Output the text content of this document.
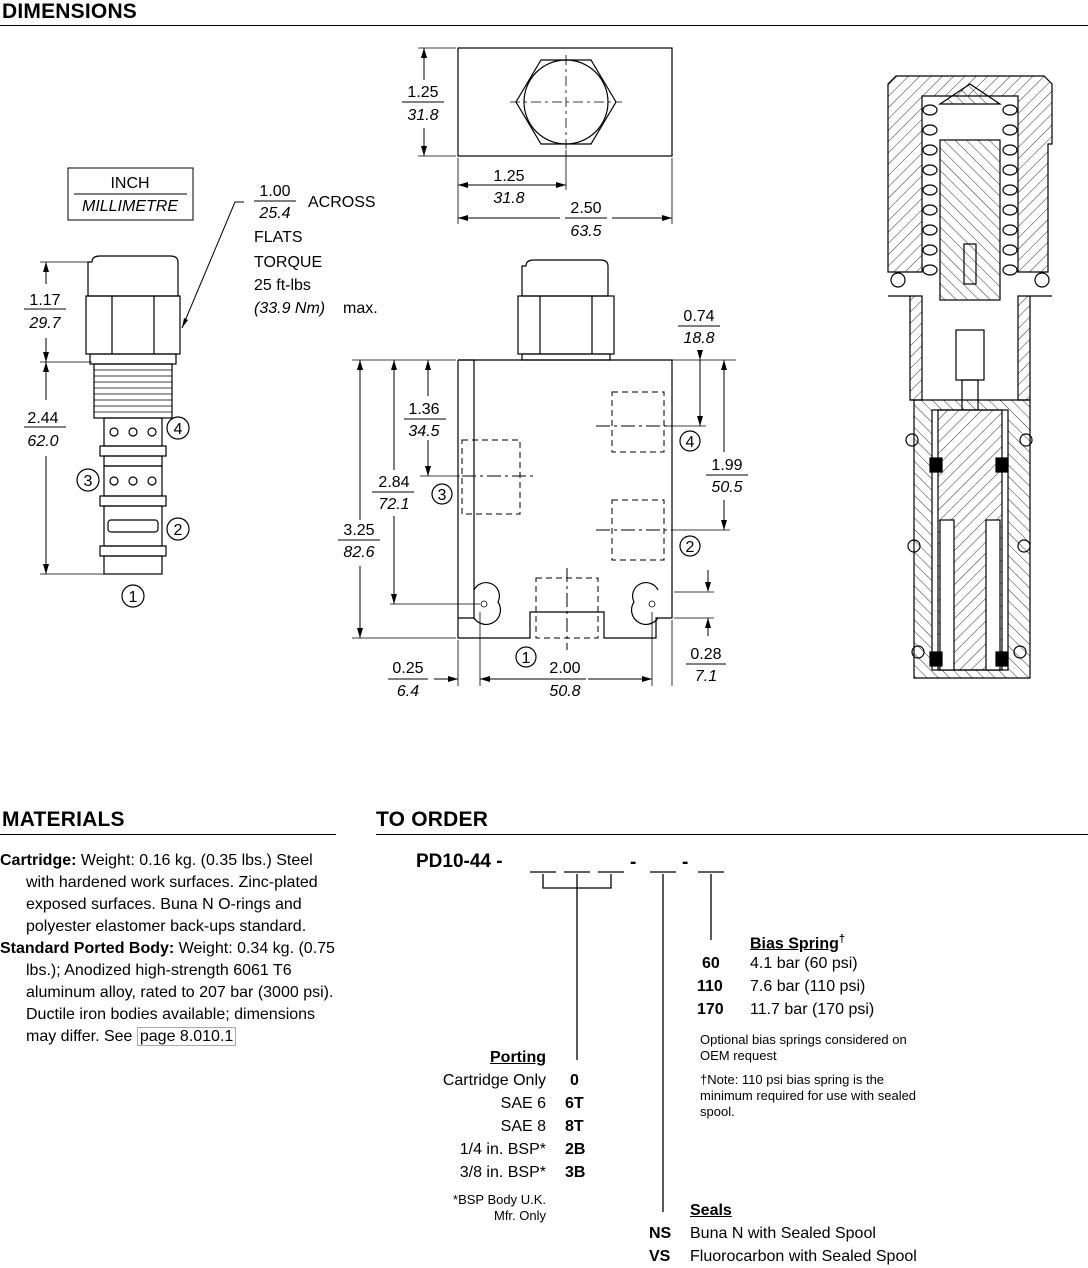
DIMENSIONS
MATERIALS	TO ORDER
INCH
MILLIMETRE
4
3
2
1
1.17
29.7
2.44
62.0
1.00
25.4
ACROSS
FLATS
TORQUE
25 ft-lbs
(33.9 Nm) max.
1.25
31.8
1.25
31.8
2.50
63.5
4
3
2
1
1.36
34.5
2.84
72.1
3.25
82.6
0.74
18.8
1.99
50.5
0.25
6.4
2.00
50.8
0.28
7.1

Cartridge: Weight: 0.16 kg. (0.35 lbs.) Steel with hardened work surfaces. Zinc-plated exposed surfaces. Buna N O-rings and polyester elastomer back-ups standard.

Standard Ported Body: Weight: 0.34 kg. (0.75 lbs.); Anodized high-strength 6061 T6 aluminum alloy, rated to 207 bar (3000 psi). Ductile iron bodies available; dimensions may differ. See page 8.010.1

PD10-44 -	- -
Bias Spring†
60 4.1 bar (60 psi)
110 7.6 bar (110 psi)
170 11.7 bar (170 psi)
Optional bias springs considered on OEM request
†Note: 110 psi bias spring is the minimum required for use with sealed spool.
Porting
Cartridge Only 0
SAE 6 6T
SAE 8 8T
1/4 in. BSP* 2B
3/8 in. BSP* 3B
*BSP Body U.K. Mfr. Only	Seals
NS Buna N with Sealed Spool
VS Fluorocarbon with Sealed Spool
